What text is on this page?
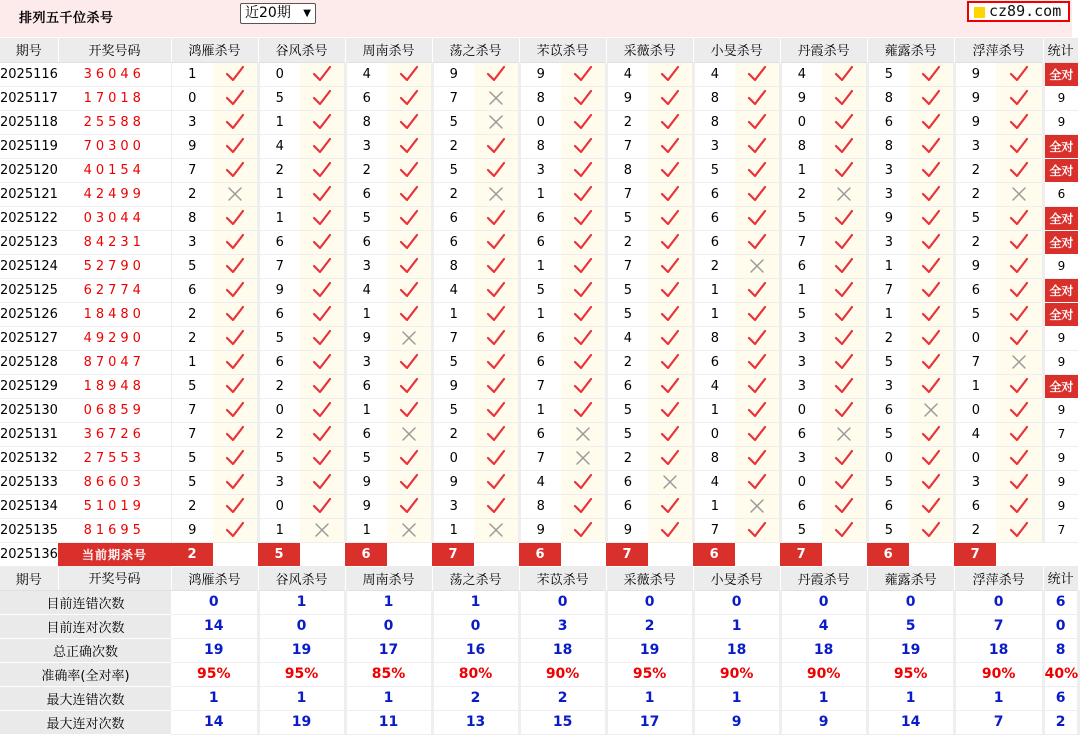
排列五千位杀号	近20期 ▼	cz89.com
期号	开奖号码	鸿雁杀号		谷风杀号		周南杀号		荡之杀号		芣苡杀号		采薇杀号		小旻杀号		丹霞杀号		蕹露杀号		浮萍杀号		统计
2025116	36046	1		0		4		9		9		4		4		4		5		9		全对
2025117	17018	0		5		6		7		8		9		8		9		8		9		9
2025118	25588	3		1		8		5		0		2		8		0		6		9		9
2025119	70300	9		4		3		2		8		7		3		8		8		3		全对
2025120	40154	7		2		2		5		3		8		5		1		3		2		全对
2025121	42499	2		1		6		2		1		7		6		2		3		2		6
2025122	03044	8		1		5		6		6		5		6		5		9		5		全对
2025123	84231	3		6		6		6		6		2		6		7		3		2		全对
2025124	52790	5		7		3		8		1		7		2		6		1		9		9
2025125	62774	6		9		4		4		5		5		1		1		7		6		全对
2025126	18480	2		6		1		1		1		5		1		5		1		5		全对
2025127	49290	2		5		9		7		6		4		8		3		2		0		9
2025128	87047	1		6		3		5		6		2		6		3		5		7		9
2025129	18948	5		2		6		9		7		6		4		3		3		1		全对
2025130	06859	7		0		1		5		1		5		1		0		6		0		9
2025131	36726	7		2		6		2		6		5		0		6		5		4		7
2025132	27553	5		5		5		0		7		2		8		3		0		0		9
2025133	86603	5		3		9		9		4		6		4		0		5		3		9
2025134	51019	2		0		9		3		8		6		1		6		6		6		9
2025135	81695	9		1		1		1		9		9		7		5		5		2		7
2025136	当前期杀号	2		5		6		7		6		7		6		7		6		7		
期号	开奖号码	鸿雁杀号		谷风杀号		周南杀号		荡之杀号		芣苡杀号		采薇杀号		小旻杀号		丹霞杀号		蕹露杀号		浮萍杀号		统计
目前连错次数		0		1		1		1		0		0		0		0		0		0		6
目前连对次数		14		0		0		0		3		2		1		4		5		7		0
总正确次数		19		19		17		16		18		19		18		18		19		18		8
准确率(全对率)		95%		95%		85%		80%		90%		95%		90%		90%		95%		90%		40%
最大连错次数		1		1		1		2		2		1		1		1		1		1		6
最大连对次数		14		19		11		13		15		17		9		9		14		7		2
